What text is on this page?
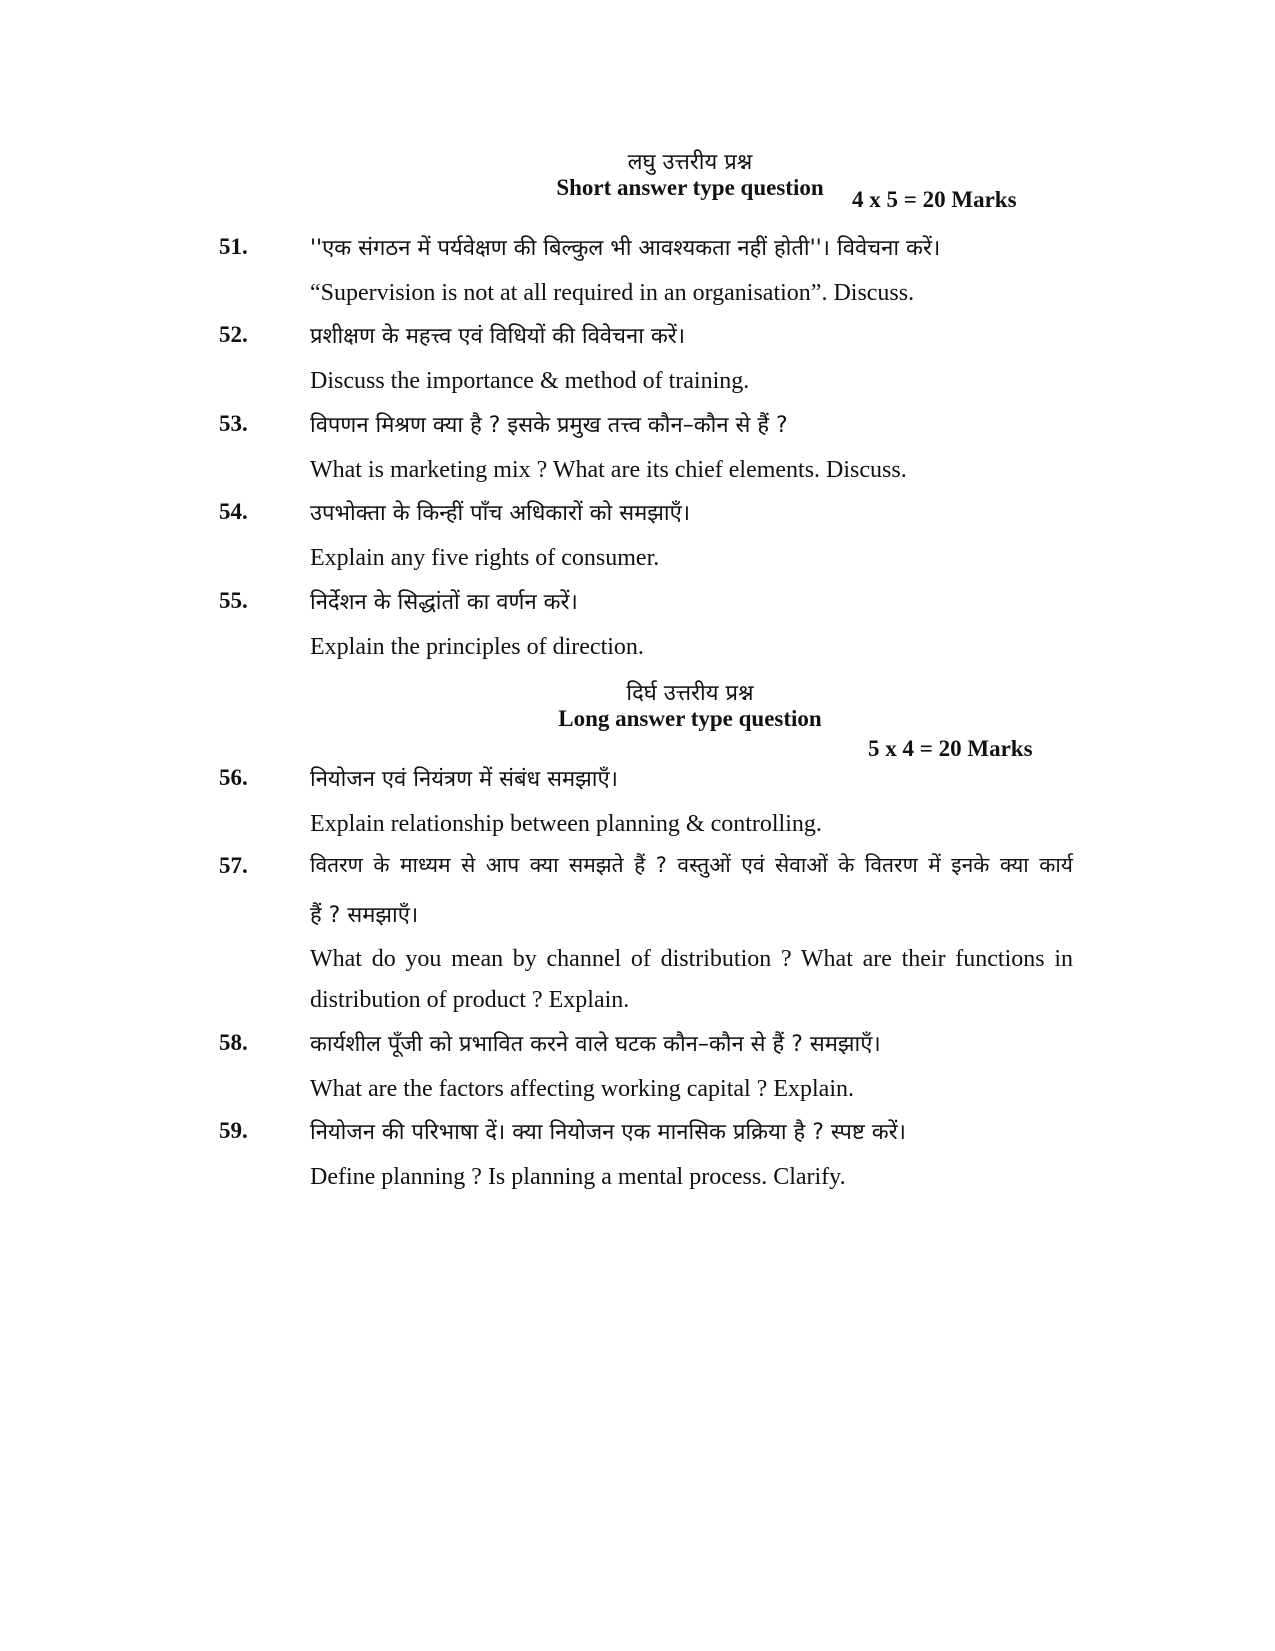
लघु उत्तरीय प्रश्न
Short answer type question	4 x 5 = 20 Marks
51.	''एक संगठन में पर्यवेक्षण की बिल्कुल भी आवश्यकता नहीं होती''। विवेचना करें।
“Supervision is not at all required in an organisation”. Discuss.
52.	प्रशीक्षण के महत्त्व एवं विधियों की विवेचना करें।
Discuss the importance & method of training.
53.	विपणन मिश्रण क्या है ? इसके प्रमुख तत्त्व कौन–कौन से हैं ?
What is marketing mix ? What are its chief elements. Discuss.
54.	उपभोक्ता के किन्हीं पाँच अधिकारों को समझाएँ।
Explain any five rights of consumer.
55.	निर्देशन के सिद्धांतों का वर्णन करें।
Explain the principles of direction.
दिर्घ उत्तरीय प्रश्न
Long answer type question
5 x 4 = 20 Marks
56.	नियोजन एवं नियंत्रण में संबंध समझाएँ।
Explain relationship between planning & controlling.
57.	वितरण के माध्यम से आप क्या समझते हैं ? वस्तुओं एवं सेवाओं के वितरण में इनके क्या कार्य
हैं ? समझाएँ।
What do you mean by channel of distribution ? What are their functions in
distribution of product ? Explain.
58.	कार्यशील पूँजी को प्रभावित करने वाले घटक कौन–कौन से हैं ? समझाएँ।
What are the factors affecting working capital ? Explain.
59.	नियोजन की परिभाषा दें। क्या नियोजन एक मानसिक प्रक्रिया है ? स्पष्ट करें।
Define planning ? Is planning a mental process. Clarify.
